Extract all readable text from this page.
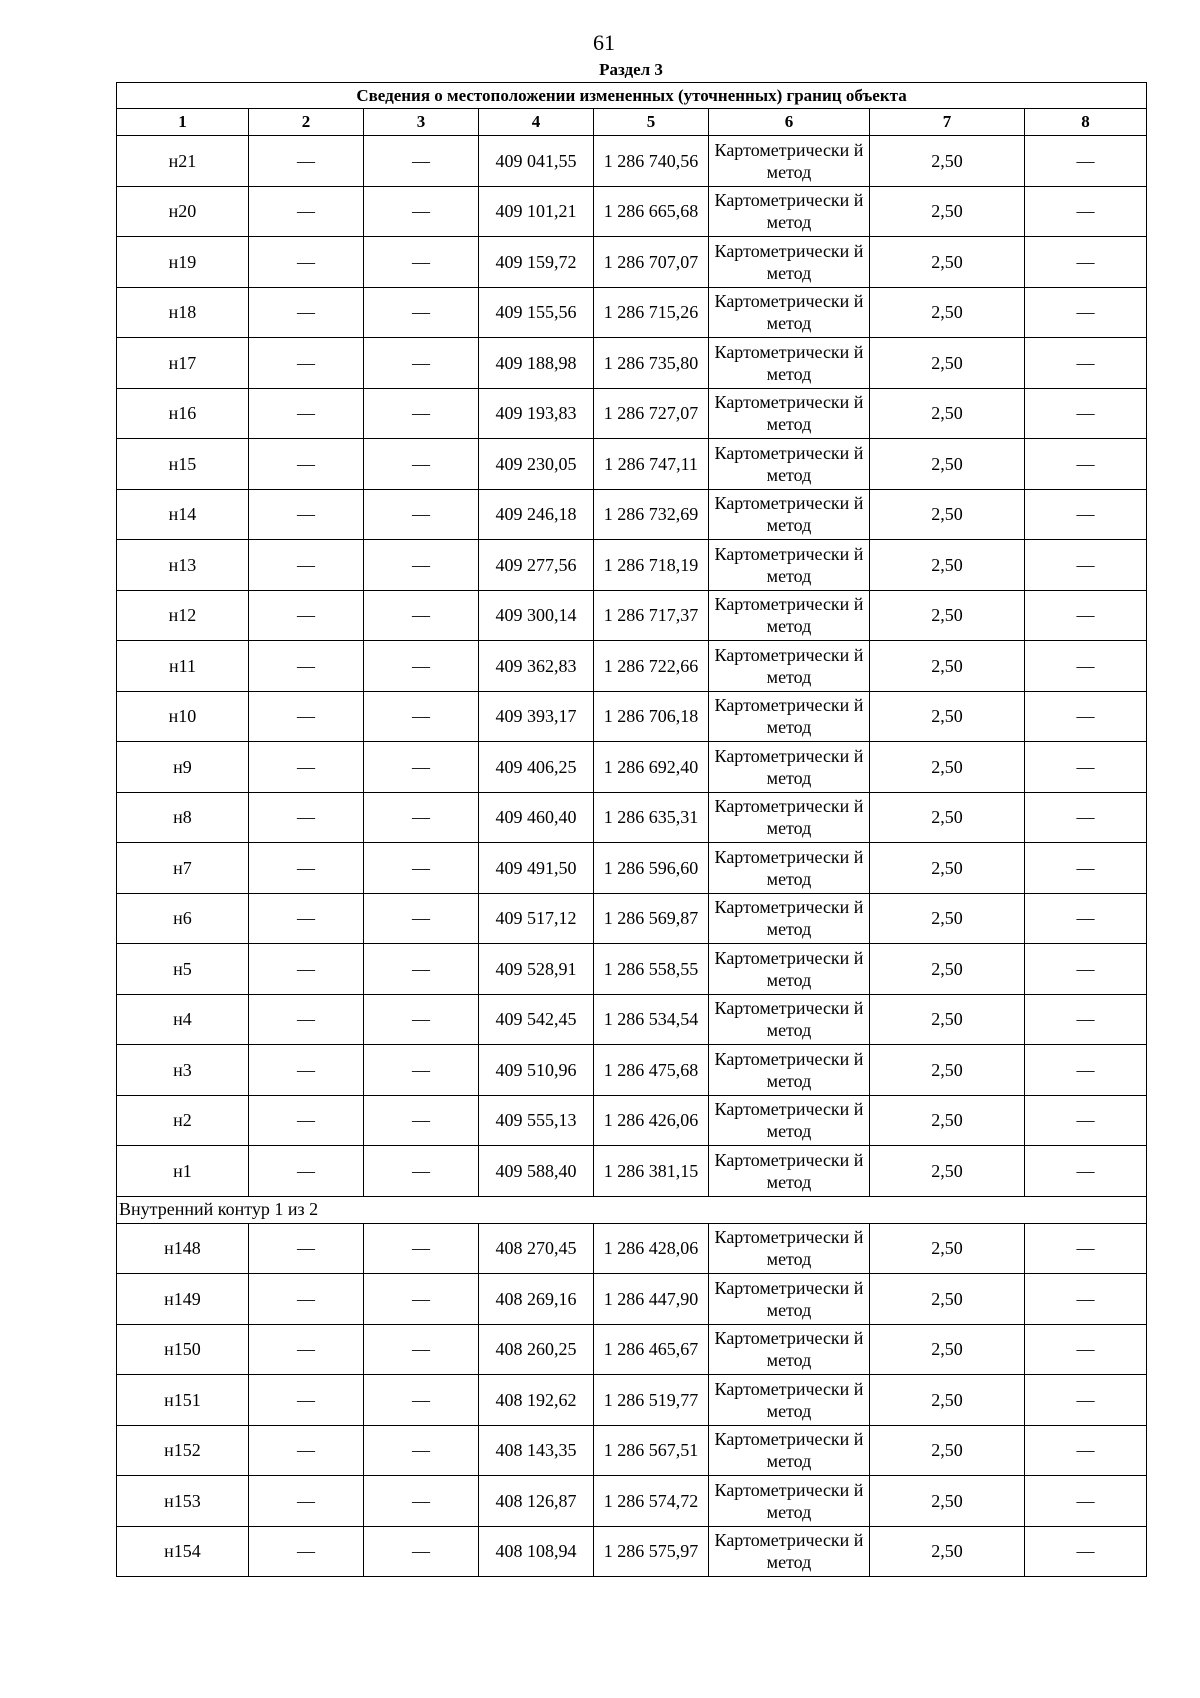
61
Раздел 3
Сведения о местоположении измененных (уточненных) границ объекта							
1	2	3	4	5	6	7	8
н21	—	—	409 041,55	1 286 740,56	Картометрически й метод	2,50	—
н20	—	—	409 101,21	1 286 665,68	Картометрически й метод	2,50	—
н19	—	—	409 159,72	1 286 707,07	Картометрически й метод	2,50	—
н18	—	—	409 155,56	1 286 715,26	Картометрически й метод	2,50	—
н17	—	—	409 188,98	1 286 735,80	Картометрически й метод	2,50	—
н16	—	—	409 193,83	1 286 727,07	Картометрически й метод	2,50	—
н15	—	—	409 230,05	1 286 747,11	Картометрически й метод	2,50	—
н14	—	—	409 246,18	1 286 732,69	Картометрически й метод	2,50	—
н13	—	—	409 277,56	1 286 718,19	Картометрически й метод	2,50	—
н12	—	—	409 300,14	1 286 717,37	Картометрически й метод	2,50	—
н11	—	—	409 362,83	1 286 722,66	Картометрически й метод	2,50	—
н10	—	—	409 393,17	1 286 706,18	Картометрически й метод	2,50	—
н9	—	—	409 406,25	1 286 692,40	Картометрически й метод	2,50	—
н8	—	—	409 460,40	1 286 635,31	Картометрически й метод	2,50	—
н7	—	—	409 491,50	1 286 596,60	Картометрически й метод	2,50	—
н6	—	—	409 517,12	1 286 569,87	Картометрически й метод	2,50	—
н5	—	—	409 528,91	1 286 558,55	Картометрически й метод	2,50	—
н4	—	—	409 542,45	1 286 534,54	Картометрически й метод	2,50	—
н3	—	—	409 510,96	1 286 475,68	Картометрически й метод	2,50	—
н2	—	—	409 555,13	1 286 426,06	Картометрически й метод	2,50	—
н1	—	—	409 588,40	1 286 381,15	Картометрически й метод	2,50	—
Внутренний контур 1 из 2							
н148	—	—	408 270,45	1 286 428,06	Картометрически й метод	2,50	—
н149	—	—	408 269,16	1 286 447,90	Картометрически й метод	2,50	—
н150	—	—	408 260,25	1 286 465,67	Картометрически й метод	2,50	—
н151	—	—	408 192,62	1 286 519,77	Картометрически й метод	2,50	—
н152	—	—	408 143,35	1 286 567,51	Картометрически й метод	2,50	—
н153	—	—	408 126,87	1 286 574,72	Картометрически й метод	2,50	—
н154	—	—	408 108,94	1 286 575,97	Картометрически й метод	2,50	—
